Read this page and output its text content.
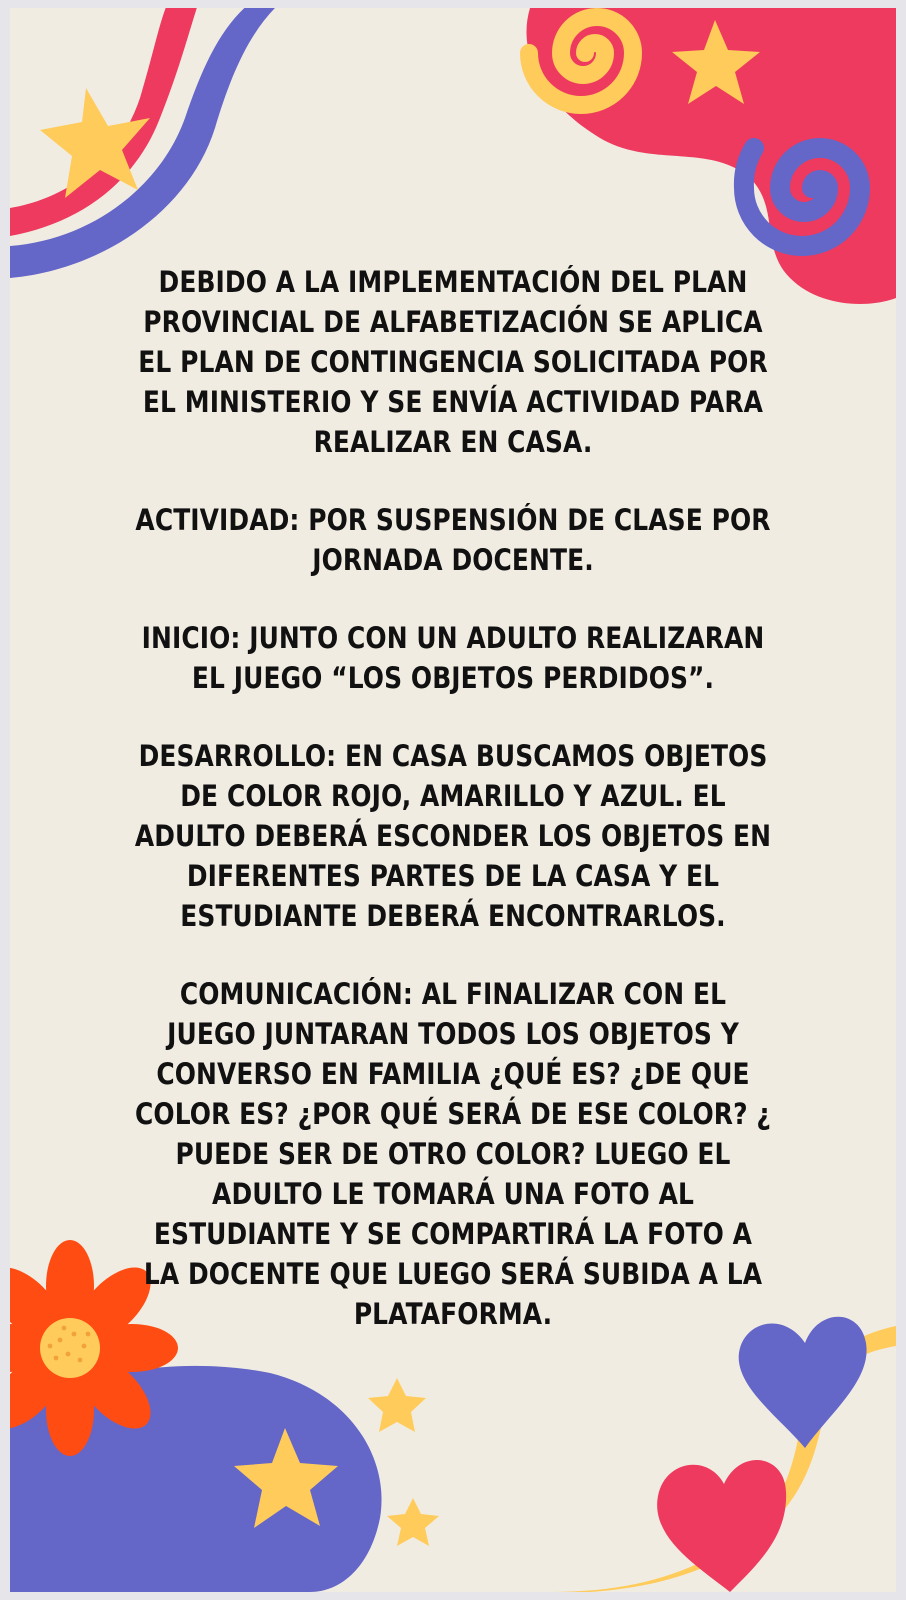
DEBIDO A LA IMPLEMENTACIÓN DEL PLAN PROVINCIAL DE ALFABETIZACIÓN SE APLICA EL PLAN DE CONTINGENCIA SOLICITADA POR EL MINISTERIO Y SE ENVÍA ACTIVIDAD PARA REALIZAR EN CASA.

ACTIVIDAD: POR SUSPENSIÓN DE CLASE POR JORNADA DOCENTE.

INICIO: JUNTO CON UN ADULTO REALIZARAN EL JUEGO “LOS OBJETOS PERDIDOS”.

DESARROLLO: EN CASA BUSCAMOS OBJETOS DE COLOR ROJO, AMARILLO Y AZUL. EL ADULTO DEBERÁ ESCONDER LOS OBJETOS EN DIFERENTES PARTES DE LA CASA Y EL ESTUDIANTE DEBERÁ ENCONTRARLOS.

COMUNICACIÓN: AL FINALIZAR CON EL JUEGO JUNTARAN TODOS LOS OBJETOS Y CONVERSO EN FAMILIA ¿QUÉ ES? ¿DE QUE COLOR ES? ¿POR QUÉ SERÁ DE ESE COLOR? ¿ PUEDE SER DE OTRO COLOR? LUEGO EL ADULTO LE TOMARÁ UNA FOTO AL ESTUDIANTE Y SE COMPARTIRÁ LA FOTO A LA DOCENTE QUE LUEGO SERÁ SUBIDA A LA PLATAFORMA.
